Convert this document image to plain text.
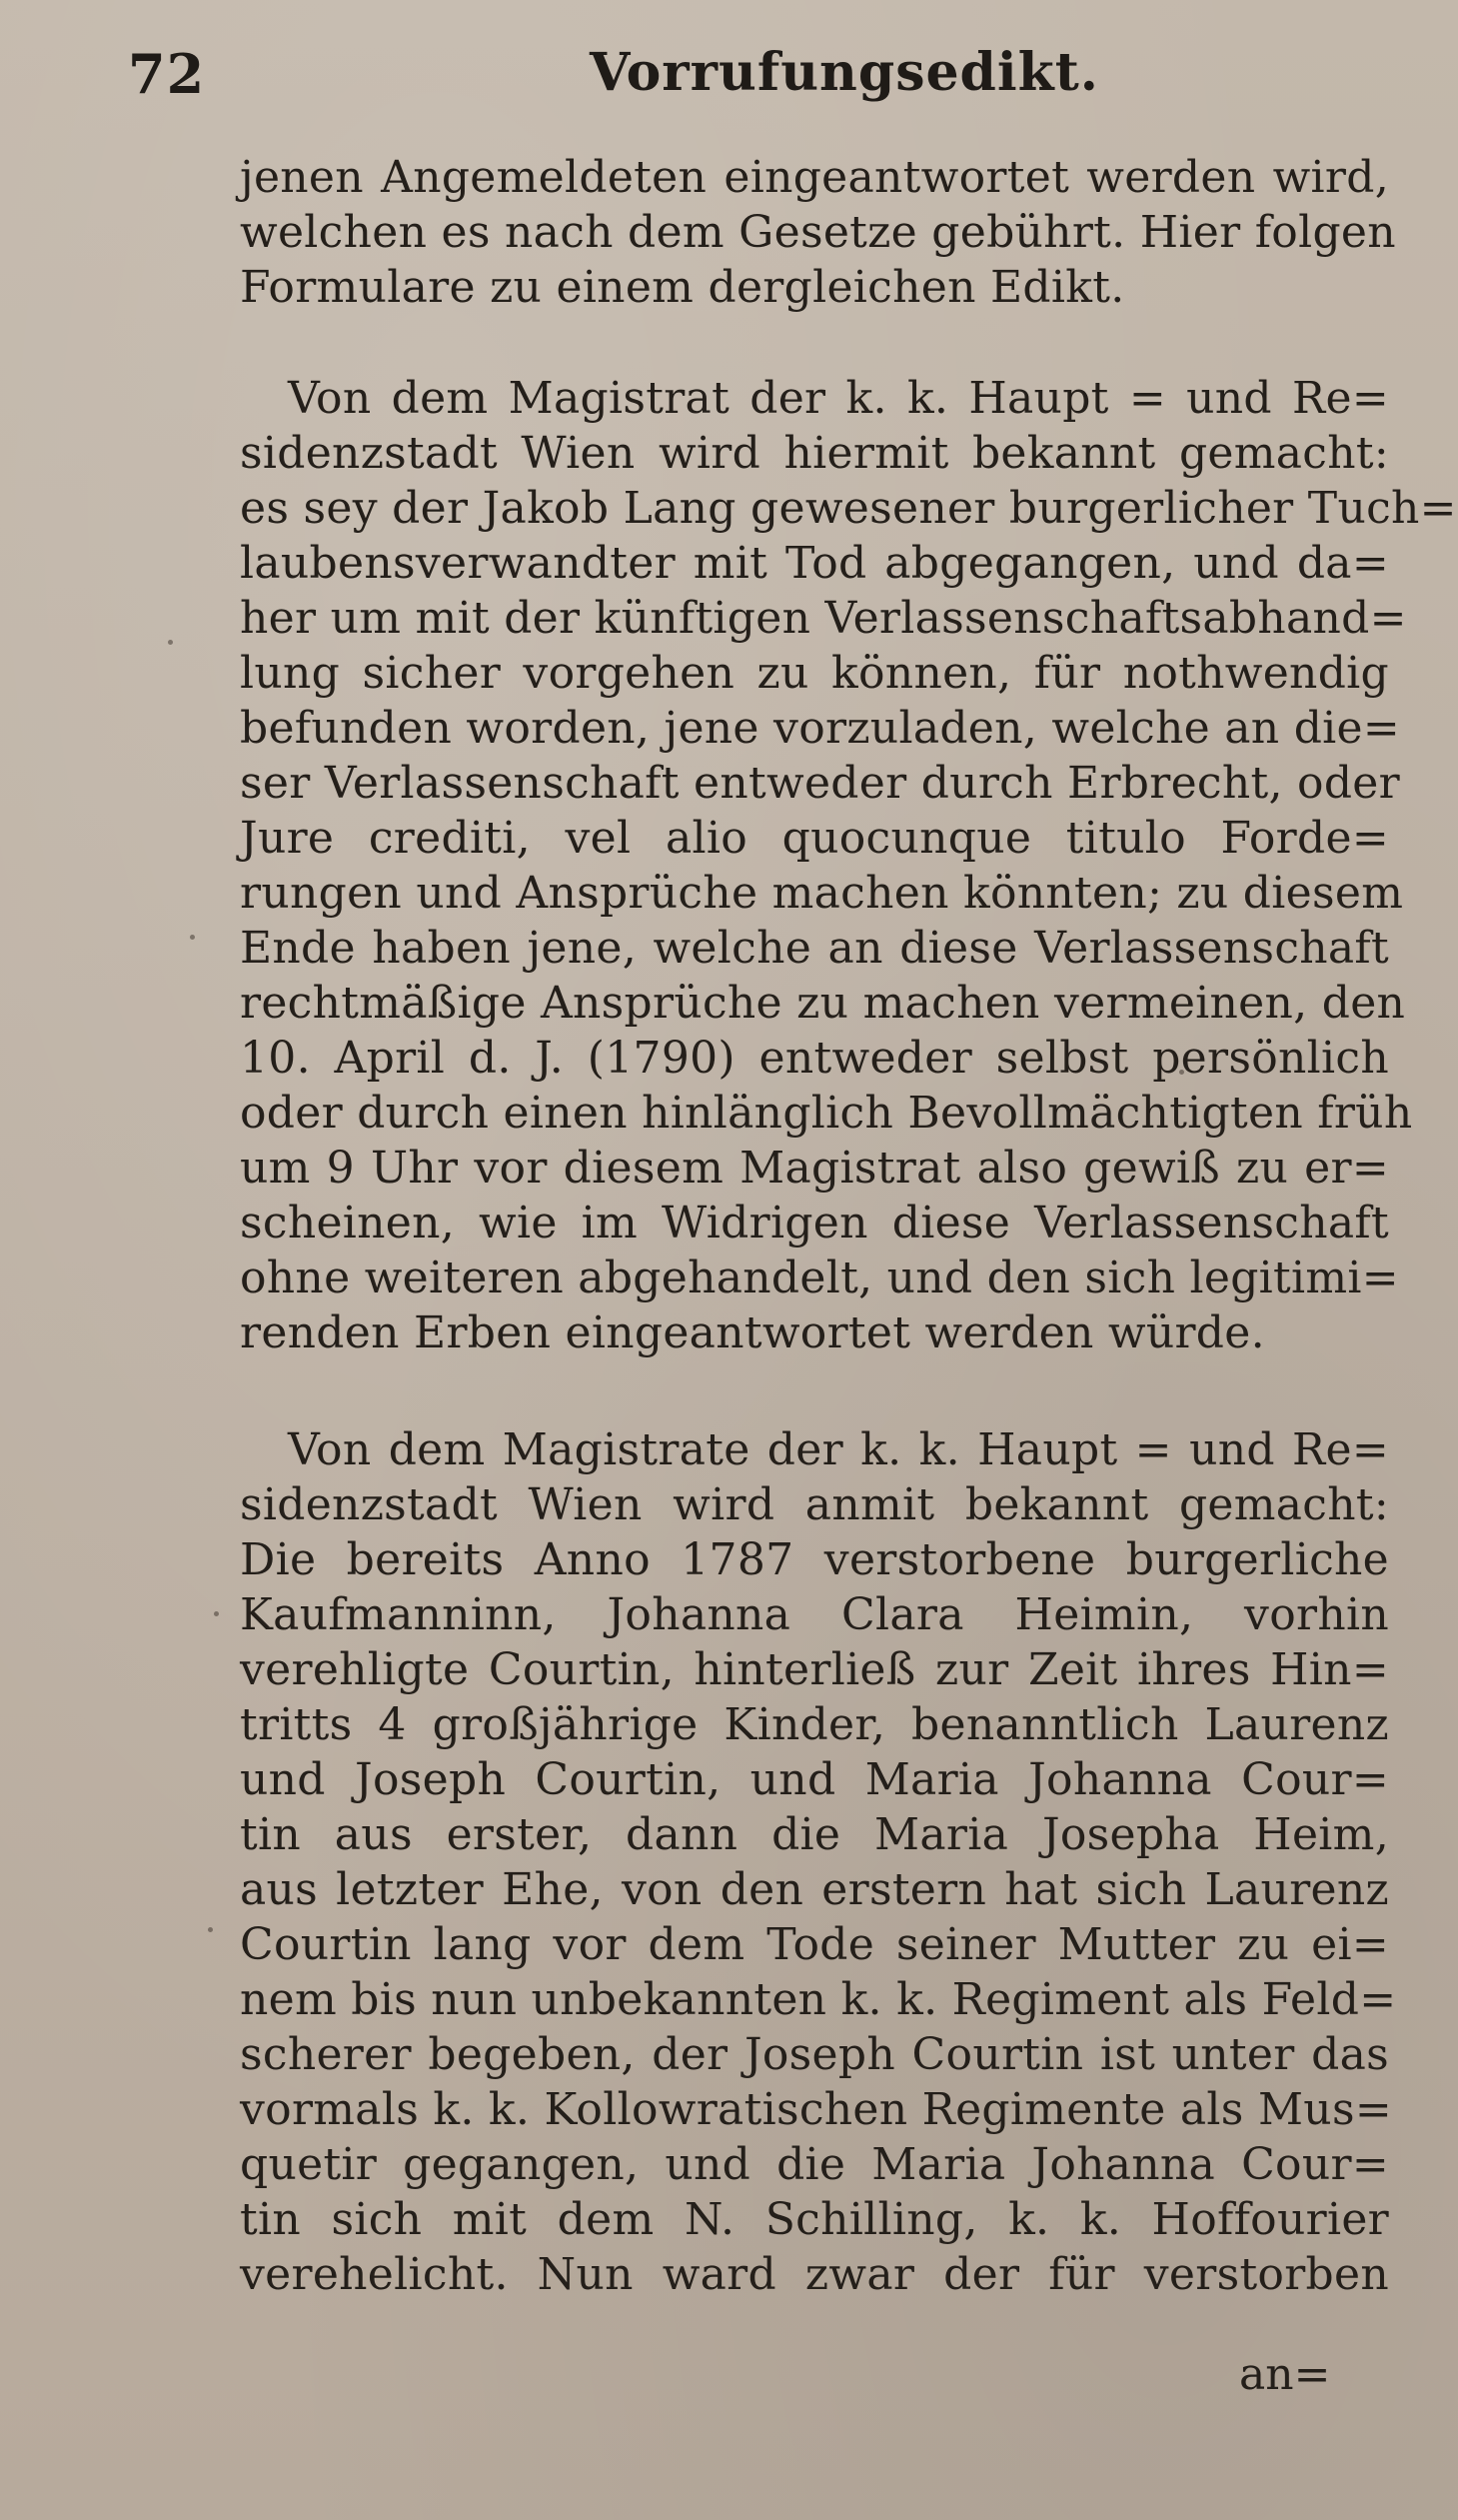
72	Vorrufungsedikt.
jenen Angemeldeten eingeantwortet werden wird,
welchen es nach dem Gesetze gebührt. Hier folgen
Formulare zu einem dergleichen Edikt.
Von dem Magistrat der k. k. Haupt = und Re=
sidenzstadt Wien wird hiermit bekannt gemacht:
es sey der Jakob Lang gewesener burgerlicher Tuch=
laubensverwandter mit Tod abgegangen, und da=
her um mit der künftigen Verlassenschaftsabhand=
lung sicher vorgehen zu können, für nothwendig
befunden worden, jene vorzuladen, welche an die=
ser Verlassenschaft entweder durch Erbrecht, oder
Jure crediti, vel alio quocunque titulo Forde=
rungen und Ansprüche machen könnten; zu diesem
Ende haben jene, welche an diese Verlassenschaft
rechtmäßige Ansprüche zu machen vermeinen, den
10. April d. J. (1790) entweder selbst persönlich
oder durch einen hinlänglich Bevollmächtigten früh
um 9 Uhr vor diesem Magistrat also gewiß zu er=
scheinen, wie im Widrigen diese Verlassenschaft
ohne weiteren abgehandelt, und den sich legitimi=
renden Erben eingeantwortet werden würde.
Von dem Magistrate der k. k. Haupt = und Re=
sidenzstadt Wien wird anmit bekannt gemacht:
Die bereits Anno 1787 verstorbene burgerliche
Kaufmanninn, Johanna Clara Heimin, vorhin
verehligte Courtin, hinterließ zur Zeit ihres Hin=
tritts 4 großjährige Kinder, benanntlich Laurenz
und Joseph Courtin, und Maria Johanna Cour=
tin aus erster, dann die Maria Josepha Heim,
aus letzter Ehe, von den erstern hat sich Laurenz
Courtin lang vor dem Tode seiner Mutter zu ei=
nem bis nun unbekannten k. k. Regiment als Feld=
scherer begeben, der Joseph Courtin ist unter das
vormals k. k. Kollowratischen Regimente als Mus=
quetir gegangen, und die Maria Johanna Cour=
tin sich mit dem N. Schilling, k. k. Hoffourier
verehelicht. Nun ward zwar der für verstorben
an=
